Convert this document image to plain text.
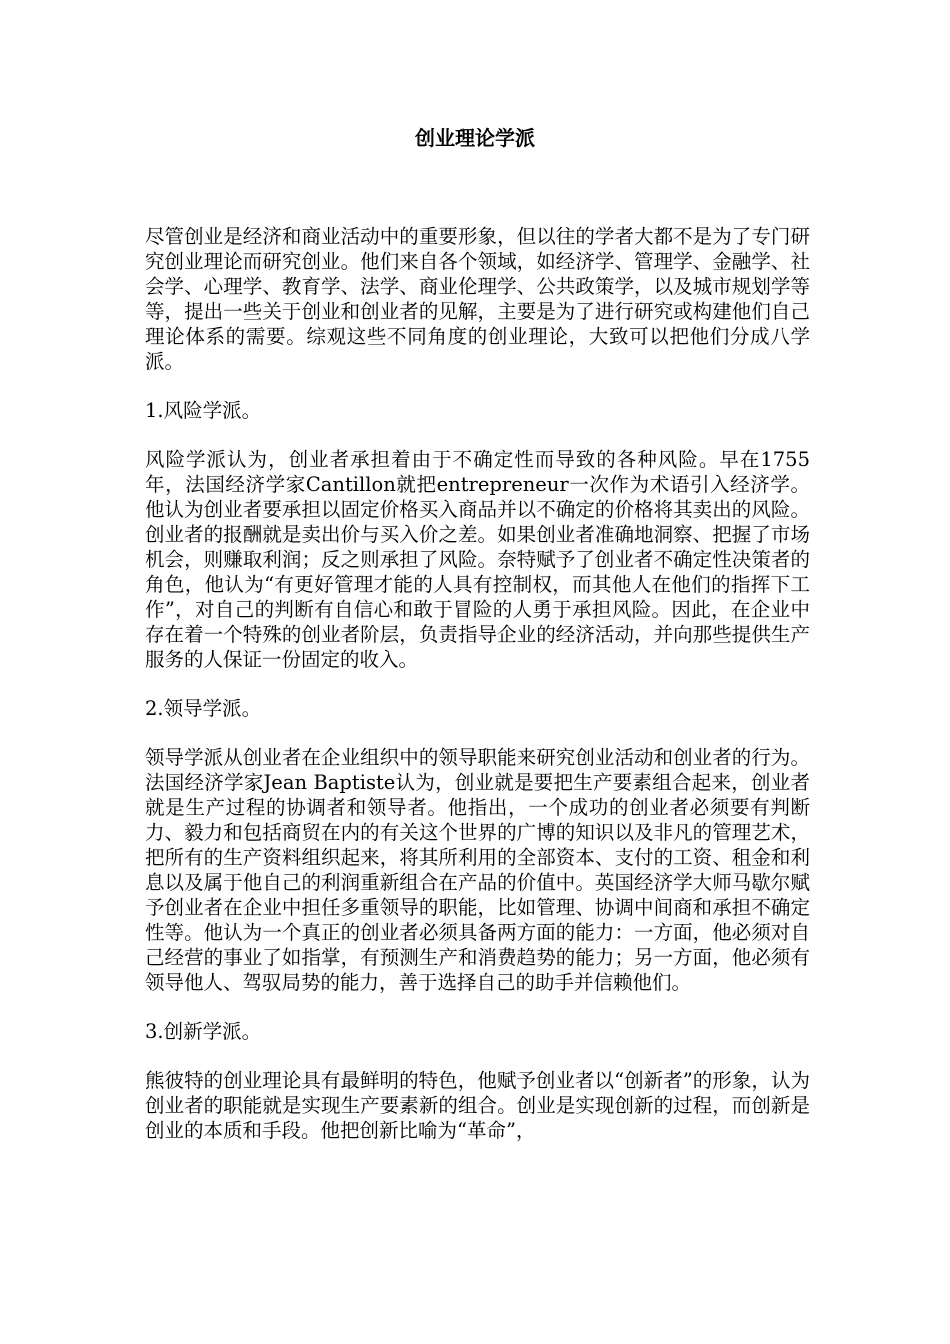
创业理论学派

尽管创业是经济和商业活动中的重要形象，但以往的学者大都不是为了专门研究创业理论而研究创业。他们来自各个领域，如经济学、管理学、金融学、社会学、心理学、教育学、法学、商业伦理学、公共政策学，以及城市规划学等等，提出一些关于创业和创业者的见解，主要是为了进行研究或构建他们自己理论体系的需要。综观这些不同角度的创业理论，大致可以把他们分成八学派。

1.风险学派。

风险学派认为，创业者承担着由于不确定性而导致的各种风险。早在1755年，法国经济学家Cantillon就把entrepreneur一次作为术语引入经济学。他认为创业者要承担以固定价格买入商品并以不确定的价格将其卖出的风险。创业者的报酬就是卖出价与买入价之差。如果创业者准确地洞察、把握了市场机会，则赚取利润；反之则承担了风险。奈特赋予了创业者不确定性决策者的角色，他认为“有更好管理才能的人具有控制权，而其他人在他们的指挥下工作”，对自己的判断有自信心和敢于冒险的人勇于承担风险。因此，在企业中存在着一个特殊的创业者阶层，负责指导企业的经济活动，并向那些提供生产服务的人保证一份固定的收入。

2.领导学派。

领导学派从创业者在企业组织中的领导职能来研究创业活动和创业者的行为。法国经济学家Jean Baptiste认为，创业就是要把生产要素组合起来，创业者就是生产过程的协调者和领导者。他指出，一个成功的创业者必须要有判断力、毅力和包括商贸在内的有关这个世界的广博的知识以及非凡的管理艺术，把所有的生产资料组织起来，将其所利用的全部资本、支付的工资、租金和利息以及属于他自己的利润重新组合在产品的价值中。英国经济学大师马歇尔赋予创业者在企业中担任多重领导的职能，比如管理、协调中间商和承担不确定性等。他认为一个真正的创业者必须具备两方面的能力：一方面，他必须对自己经营的事业了如指掌，有预测生产和消费趋势的能力；另一方面，他必须有领导他人、驾驭局势的能力，善于选择自己的助手并信赖他们。

3.创新学派。

熊彼特的创业理论具有最鲜明的特色，他赋予创业者以“创新者”的形象，认为创业者的职能就是实现生产要素新的组合。创业是实现创新的过程，而创新是创业的本质和手段。他把创新比喻为“革命”，
